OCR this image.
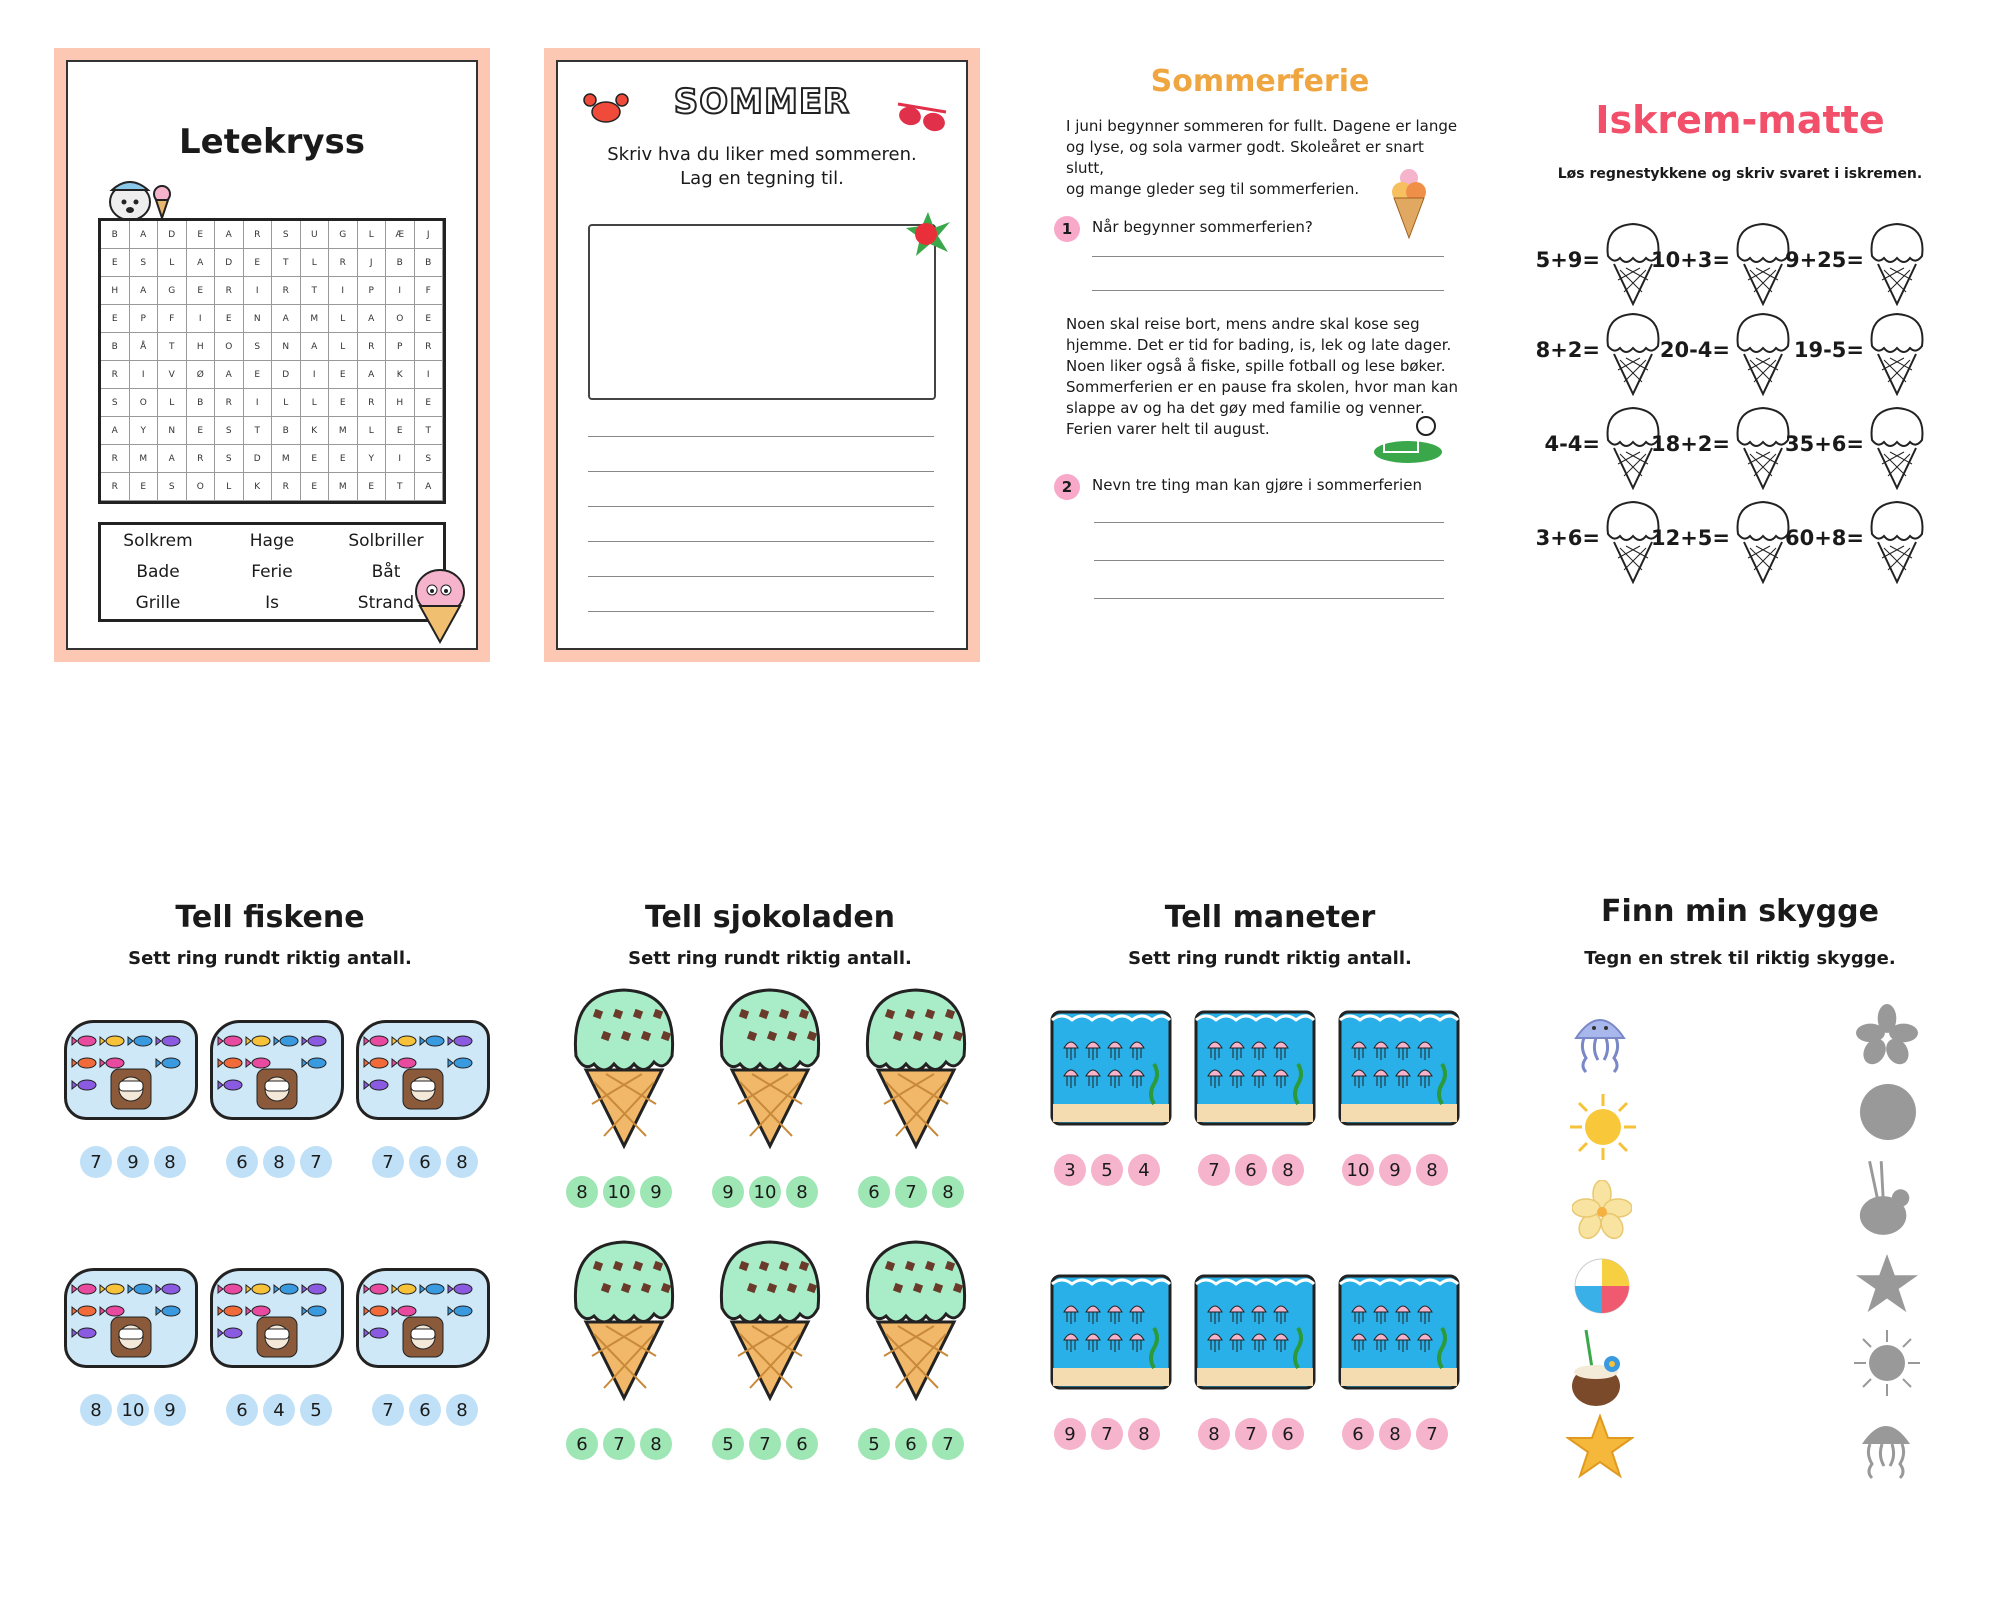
Letekryss
B	A	D	E	A	R	S	U	G	L	Æ	J
E	S	L	A	D	E	T	L	R	J	B	B
H	A	G	E	R	I	R	T	I	P	I	F
E	P	F	I	E	N	A	M	L	A	O	E
B	Å	T	H	O	S	N	A	L	R	P	R
R	I	V	Ø	A	E	D	I	E	A	K	I
S	O	L	B	R	I	L	L	E	R	H	E
A	Y	N	E	S	T	B	K	M	L	E	T
R	M	A	R	S	D	M	E	E	Y	I	S
R	E	S	O	L	K	R	E	M	E	T	A
Solkrem	Hage	Solbriller
Bade	Ferie	Båt
Grille	Is	Strand
SOMMER
Skriv hva du liker med sommeren.
Lag en tegning til.
Sommerferie
I juni begynner sommeren for fullt. Dagene er lange
og lyse, og sola varmer godt. Skoleåret er snart slutt,
og mange gleder seg til sommerferien.
1	Når begynner sommerferien?
Noen skal reise bort, mens andre skal kose seg
hjemme. Det er tid for bading, is, lek og late dager.
Noen liker også å fiske, spille fotball og lese bøker.
Sommerferien er en pause fra skolen, hvor man kan
slappe av og ha det gøy med familie og venner.
Ferien varer helt til august.
2	Nevn tre ting man kan gjøre i sommerferien
Iskrem-matte
Løs regnestykkene og skriv svaret i iskremen.
5+9= 10+3=	9+25=
8+2=	20-4=	19-5=
4-4= 18+2=	35+6=
3+6= 12+5=	60+8=
Tell fiskene
Sett ring rundt riktig antall.
7	9	8	6	8	7	7	6	8
8	10	9	6	4	5	7	6	8
Tell sjokoladen
Sett ring rundt riktig antall.
8	10	9	9	10	8	6	7	8
6	7	8	5	7	6	5	6	7
Tell maneter
Sett ring rundt riktig antall.
3	5	4	7	6	8	10	9	8
9	7	8	8	7	6	6	8	7
Finn min skygge
Tegn en strek til riktig skygge.
